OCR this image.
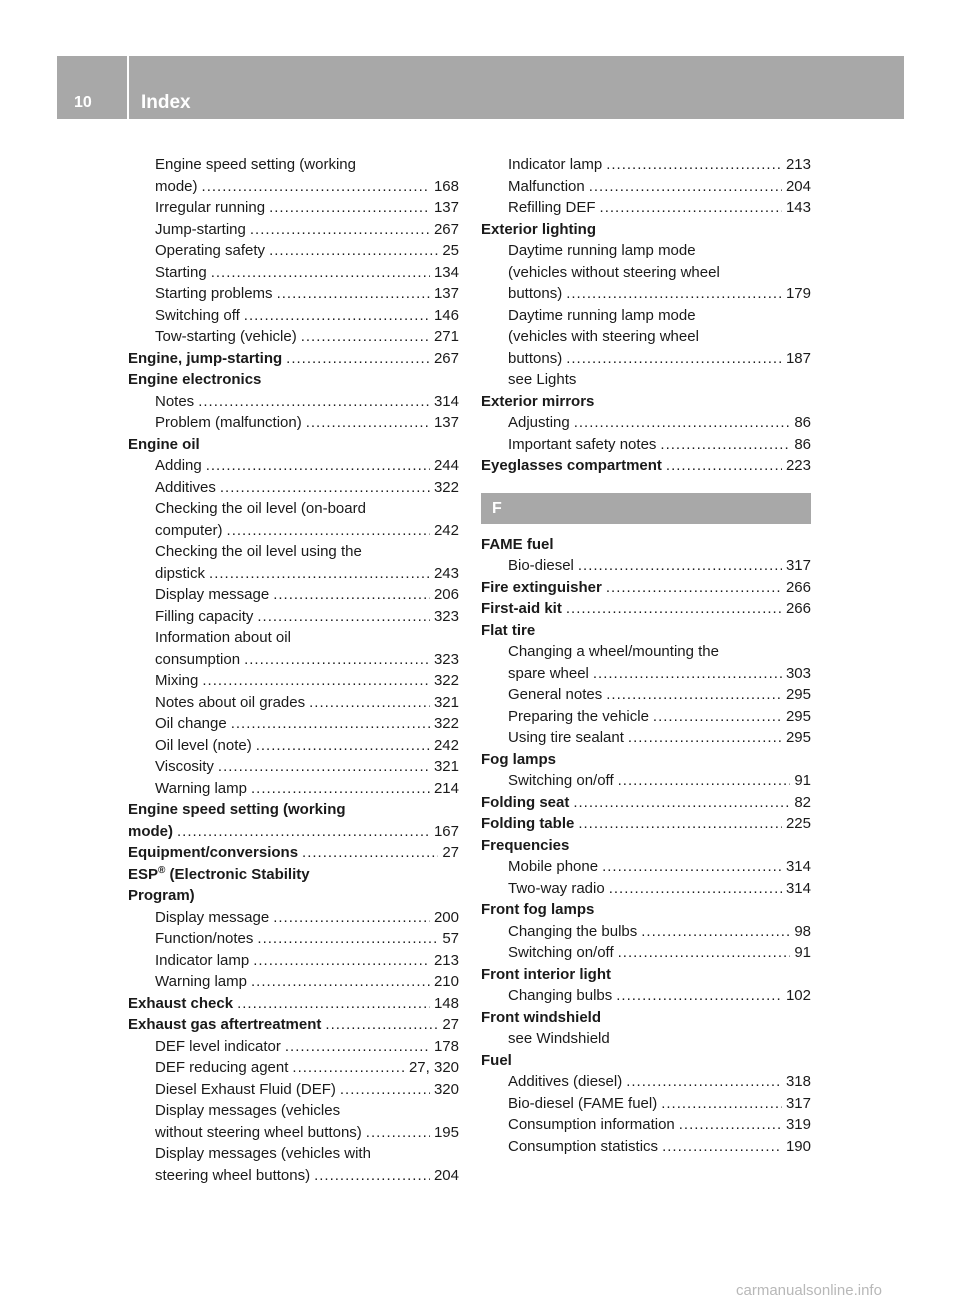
10	Index
Engine speed setting (working
mode) .....	168
Irregular running .....	137
Jump-starting .....	267
Operating safety .....	25
Starting .....	134
Starting problems .....	137
Switching off .....	146
Tow-starting (vehicle) .....	271
Engine, jump-starting .....	267
Engine electronics
Notes .....	314
Problem (malfunction) .....	137
Engine oil
Adding .....	244
Additives .....	322
Checking the oil level (on-board
computer) .....	242
Checking the oil level using the
dipstick .....	243
Display message .....	206
Filling capacity .....	323
Information about oil
consumption .....	323
Mixing .....	322
Notes about oil grades .....	321
Oil change .....	322
Oil level (note) .....	242
Viscosity .....	321
Warning lamp .....	214
Engine speed setting (working
mode) .....	167
Equipment/conversions .....	27
ESP® (Electronic Stability
Program)
Display message .....	200
Function/notes .....	57
Indicator lamp .....	213
Warning lamp .....	210
Exhaust check .....	148
Exhaust gas aftertreatment .....	27
DEF level indicator .....	178
DEF reducing agent .....	27, 320
Diesel Exhaust Fluid (DEF) .....	320
Display messages (vehicles
without steering wheel buttons) .....	195
Display messages (vehicles with
steering wheel buttons) .....	204
Indicator lamp .....	213
Malfunction .....	204
Refilling DEF .....	143
Exterior lighting
Daytime running lamp mode
(vehicles without steering wheel
buttons) .....	179
Daytime running lamp mode
(vehicles with steering wheel
buttons) .....	187
see Lights
Exterior mirrors
Adjusting .....	86
Important safety notes .....	86
Eyeglasses compartment .....	223
F
FAME fuel
Bio-diesel .....	317
Fire extinguisher .....	266
First-aid kit .....	266
Flat tire
Changing a wheel/mounting the
spare wheel .....	303
General notes .....	295
Preparing the vehicle .....	295
Using tire sealant .....	295
Fog lamps
Switching on/off .....	91
Folding seat .....	82
Folding table .....	225
Frequencies
Mobile phone .....	314
Two-way radio .....	314
Front fog lamps
Changing the bulbs .....	98
Switching on/off .....	91
Front interior light
Changing bulbs .....	102
Front windshield
see Windshield
Fuel
Additives (diesel) .....	318
Bio-diesel (FAME fuel) .....	317
Consumption information .....	319
Consumption statistics .....	190
carmanualsonline.info
